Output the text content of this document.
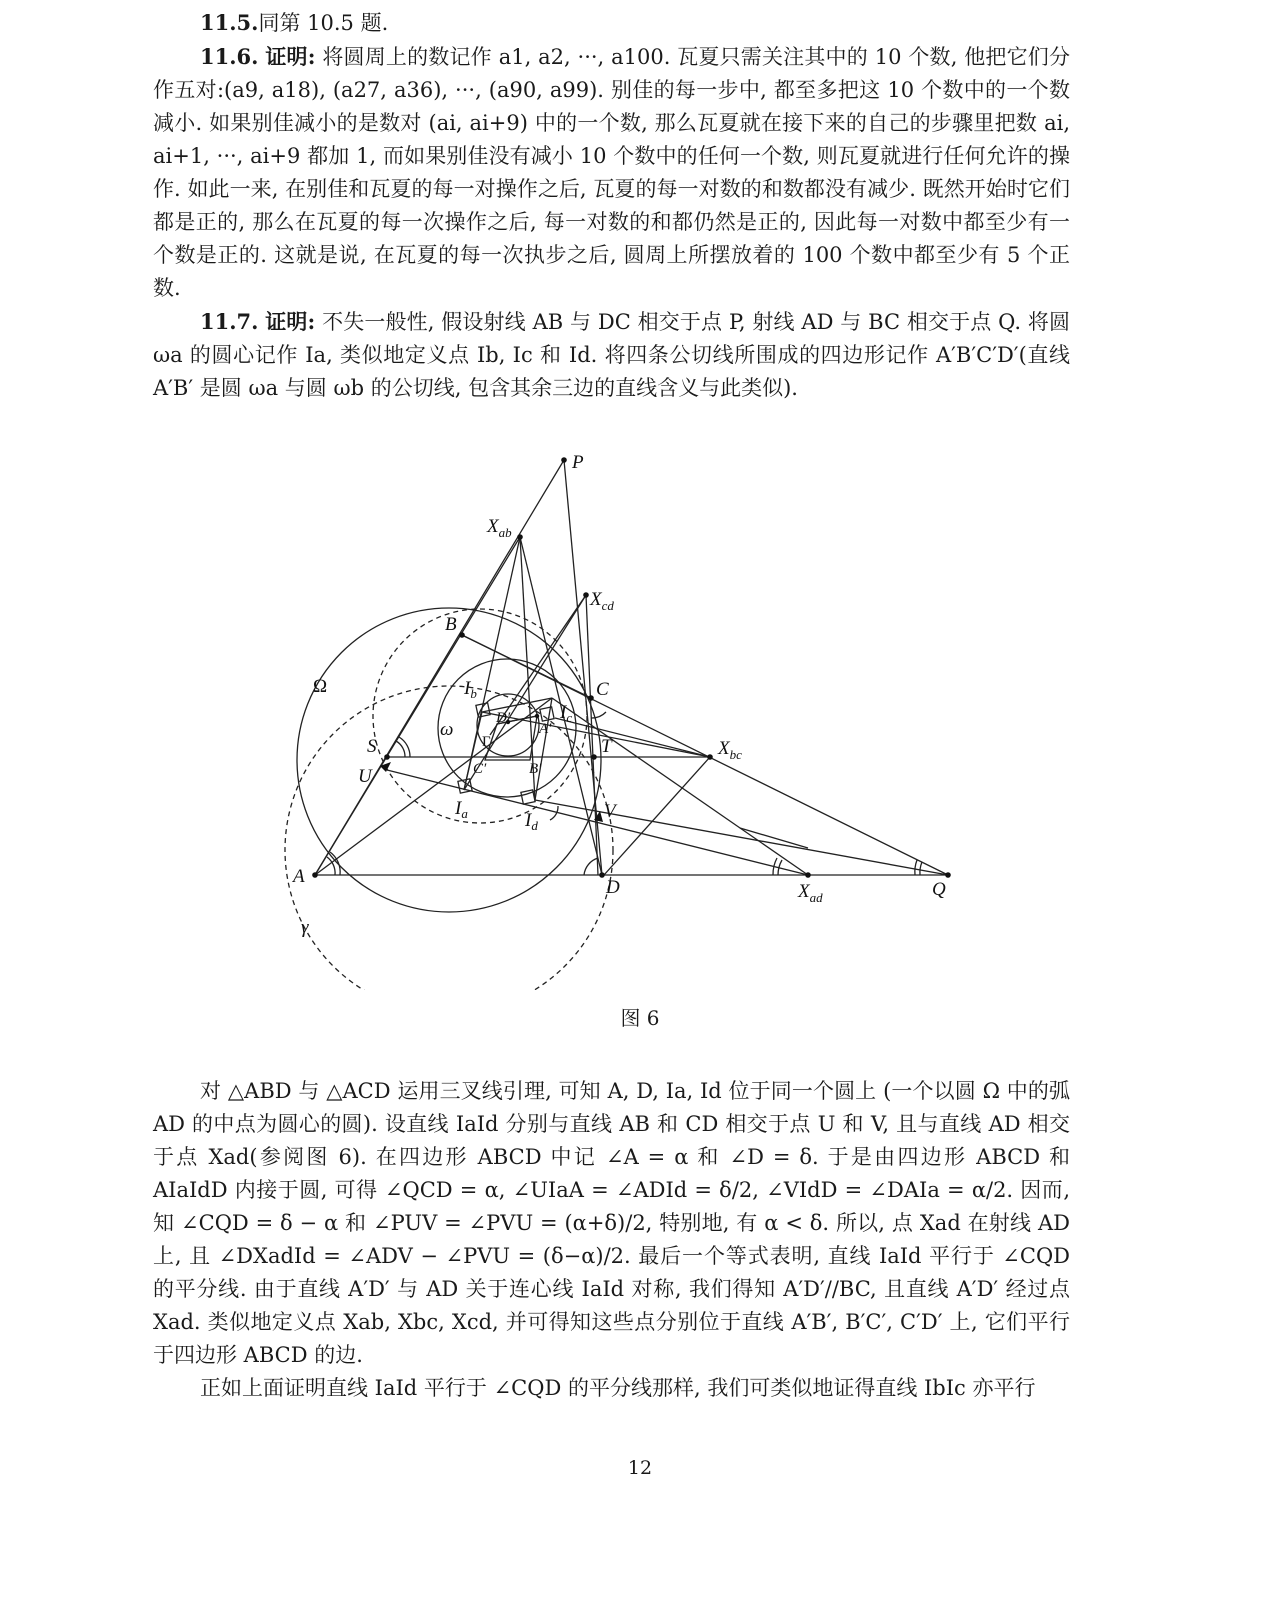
11.5.同第 10.5 题.

11.6. 证明: 将圆周上的数记作 a1, a2, ···, a100. 瓦夏只需关注其中的 10 个数, 他把它们分作五对:(a9, a18), (a27, a36), ···, (a90, a99). 别佳的每一步中, 都至多把这 10 个数中的一个数减小. 如果别佳减小的是数对 (ai, ai+9) 中的一个数, 那么瓦夏就在接下来的自己的步骤里把数 ai, ai+1, ···, ai+9 都加 1, 而如果别佳没有减小 10 个数中的任何一个数, 则瓦夏就进行任何允许的操作. 如此一来, 在别佳和瓦夏的每一对操作之后, 瓦夏的每一对数的和数都没有减少. 既然开始时它们都是正的, 那么在瓦夏的每一次操作之后, 每一对数的和都仍然是正的, 因此每一对数中都至少有一个数是正的. 这就是说, 在瓦夏的每一次执步之后, 圆周上所摆放着的 100 个数中都至少有 5 个正数.

11.7. 证明: 不失一般性, 假设射线 AB 与 DC 相交于点 P, 射线 AD 与 BC 相交于点 Q. 将圆 ωa 的圆心记作 Ia, 类似地定义点 Ib, Ic 和 Id. 将四条公切线所围成的四边形记作 A′B′C′D′(直线 A′B′ 是圆 ωa 与圆 ωb 的公切线, 包含其余三边的直线含义与此类似).

P
$X_{ab}$
$X_{cd}$
B
C
Ω
ω
$I_b$
$I_c$
D′
A′
Γ
C′	B′
S	T	$X_{bc}$
U
V
$I_a$	$I_d$
A
D	$X_{ad}$	Q
γ
图 6

对 △ABD 与 △ACD 运用三叉线引理, 可知 A, D, Ia, Id 位于同一个圆上 (一个以圆 Ω 中的弧 AD 的中点为圆心的圆). 设直线 IaId 分别与直线 AB 和 CD 相交于点 U 和 V, 且与直线 AD 相交于点 Xad(参阅图 6). 在四边形 ABCD 中记 ∠A = α 和 ∠D = δ. 于是由四边形 ABCD 和 AIaIdD 内接于圆, 可得 ∠QCD = α, ∠UIaA = ∠ADId = δ/2, ∠VIdD = ∠DAIa = α/2. 因而, 知 ∠CQD = δ − α 和 ∠PUV = ∠PVU = (α+δ)/2, 特别地, 有 α < δ. 所以, 点 Xad 在射线 AD 上, 且 ∠DXadId = ∠ADV − ∠PVU = (δ−α)/2. 最后一个等式表明, 直线 IaId 平行于 ∠CQD 的平分线. 由于直线 A′D′ 与 AD 关于连心线 IaId 对称, 我们得知 A′D′//BC, 且直线 A′D′ 经过点 Xad. 类似地定义点 Xab, Xbc, Xcd, 并可得知这些点分别位于直线 A′B′, B′C′, C′D′ 上, 它们平行于四边形 ABCD 的边.

正如上面证明直线 IaId 平行于 ∠CQD 的平分线那样, 我们可类似地证得直线 IbIc 亦平行

12
